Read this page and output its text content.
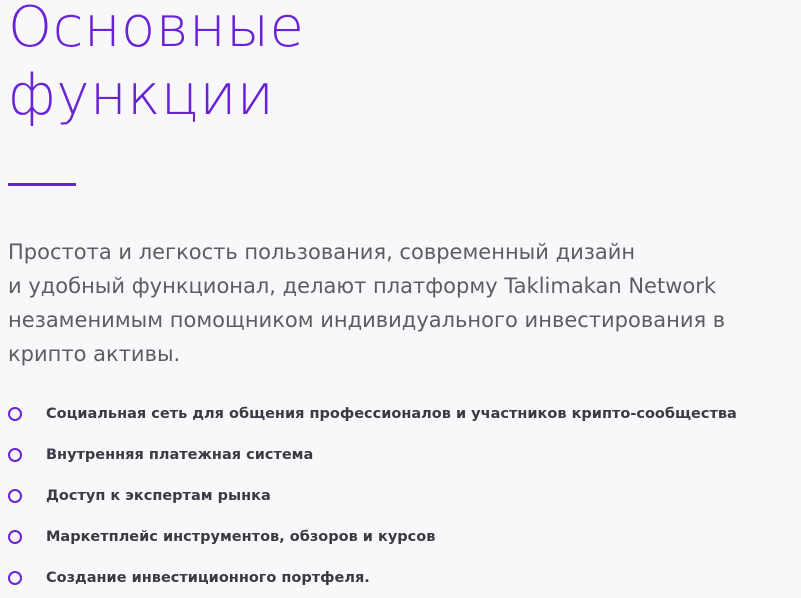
Основные
функции

Простота и легкость пользования, современный дизайн
и удобный функционал, делают платформу Taklimakan Network
незаменимым помощником индивидуального инвестирования в
крипто активы.

Социальная сеть для общения профессионалов и участников крипто-сообщества
Внутренняя платежная система
Доступ к экспертам рынка
Маркетплейс инструментов, обзоров и курсов
Создание инвестиционного портфеля.
